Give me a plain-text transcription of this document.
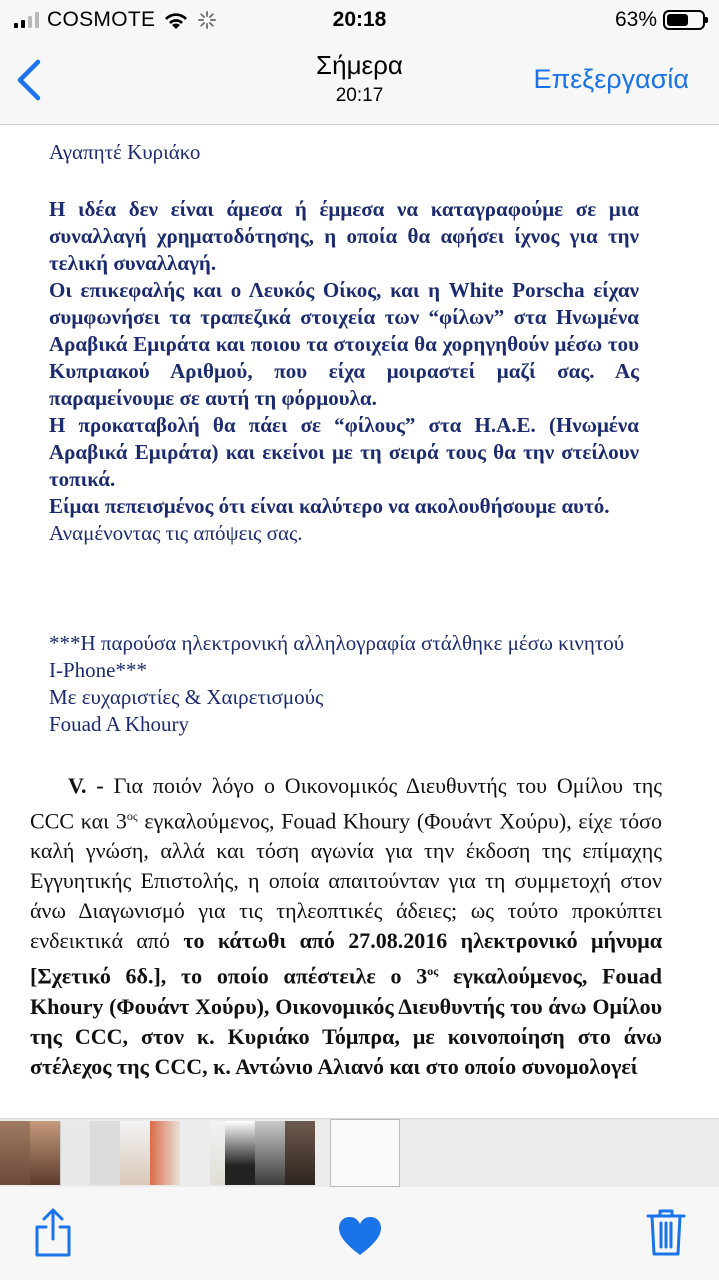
COSMOTE	20:18	63%
Σήμερα
20:17
Επεξεργασία

Αγαπητέ Κυριάκο

Η ιδέα δεν είναι άμεσα ή έμμεσα να καταγραφούμε σε μια συναλλαγή χρηματοδότησης, η οποία θα αφήσει ίχνος για την τελική συναλλαγή.

Οι επικεφαλής και ο Λευκός Οίκος, και η White Porscha είχαν συμφωνήσει τα τραπεζικά στοιχεία των “φίλων” στα Ηνωμένα Αραβικά Εμιράτα και ποιου τα στοιχεία θα χορηγηθούν μέσω του Κυπριακού Αριθμού, που είχα μοιραστεί μαζί σας. Ας παραμείνουμε σε αυτή τη φόρμουλα.

Η προκαταβολή θα πάει σε “φίλους” στα Η.Α.Ε. (Ηνωμένα Αραβικά Εμιράτα) και εκείνοι με τη σειρά τους θα την στείλουν τοπικά.

Είμαι πεπεισμένος ότι είναι καλύτερο να ακολουθήσουμε αυτό.

Αναμένοντας τις απόψεις σας.

***Η παρούσα ηλεκτρονική αλληλογραφία στάλθηκε μέσω κινητού I-Phone***

Με ευχαριστίες & Χαιρετισμούς

Fouad A Khoury

V. - Για ποιόν λόγο ο Οικονομικός Διευθυντής του Ομίλου της CCC και $3^{o\varsigma}$ εγκαλούμενος, Fouad Khoury (Φουάντ Χούρυ), είχε τόσο καλή γνώση, αλλά και τόση αγωνία για την έκδοση της επίμαχης Εγγυητικής Επιστολής, η οποία απαιτούνταν για τη συμμετοχή στον άνω Διαγωνισμό για τις τηλεοπτικές άδειες; ως τούτο προκύπτει ενδεικτικά από το κάτωθι από 27.08.2016 ηλεκτρονικό μήνυμα [Σχετικό 6δ.], το οποίο απέστειλε ο $3^{o\varsigma}$ εγκαλούμενος, Fouad Khoury (Φουάντ Χούρυ), Οικονομικός Διευθυντής του άνω Ομίλου της CCC, στον κ. Κυριάκο Τόμπρα, με κοινοποίηση στο άνω στέλεχος της CCC, κ. Αντώνιο Αλιανό και στο οποίο συνομολογεί
